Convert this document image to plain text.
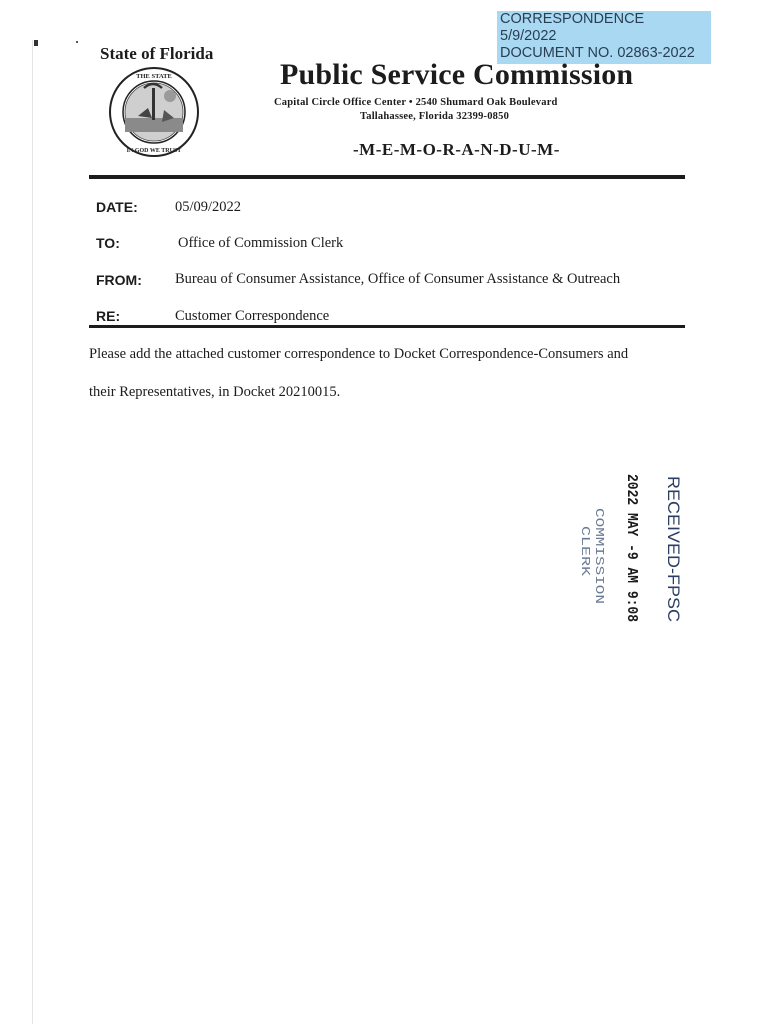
CORRESPONDENCE
5/9/2022
DOCUMENT NO. 02863-2022
State of Florida
THE STATE
IN GOD WE TRUST
Public Service Commission
Capital Circle Office Center • 2540 Shumard Oak Boulevard
Tallahassee, Florida 32399-0850
-M-E-M-O-R-A-N-D-U-M-
DATE:	05/09/2022
TO:	Office of Commission Clerk
FROM: Bureau of Consumer Assistance, Office of Consumer Assistance & Outreach
RE:	Customer Correspondence
Please add the attached customer correspondence to Docket Correspondence-Consumers and
their Representatives, in Docket 20210015.
RECEIVED-FPSC
2022 MAY -9 AM 9:08
COMMISSION
CLERK
